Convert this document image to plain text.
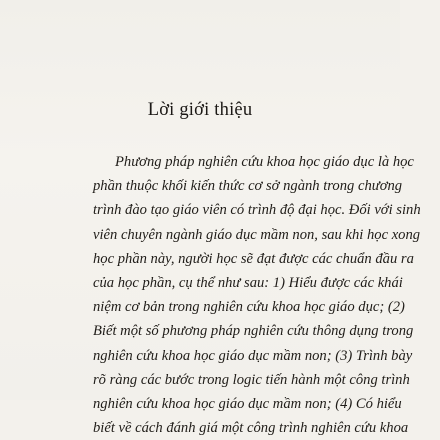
Lời giới thiệu
Phương pháp nghiên cứu khoa học giáo dục là học
phần thuộc khối kiến thức cơ sở ngành trong chương
trình đào tạo giáo viên có trình độ đại học. Đối với sinh
viên chuyên ngành giáo dục mầm non, sau khi học xong
học phần này, người học sẽ đạt được các chuẩn đầu ra
của học phần, cụ thể như sau: 1) Hiểu được các khái
niệm cơ bản trong nghiên cứu khoa học giáo dục; (2)
Biết một số phương pháp nghiên cứu thông dụng trong
nghiên cứu khoa học giáo dục mầm non; (3) Trình bày
rõ ràng các bước trong logic tiến hành một công trình
nghiên cứu khoa học giáo dục mầm non; (4) Có hiểu
biết về cách đánh giá một công trình nghiên cứu khoa
